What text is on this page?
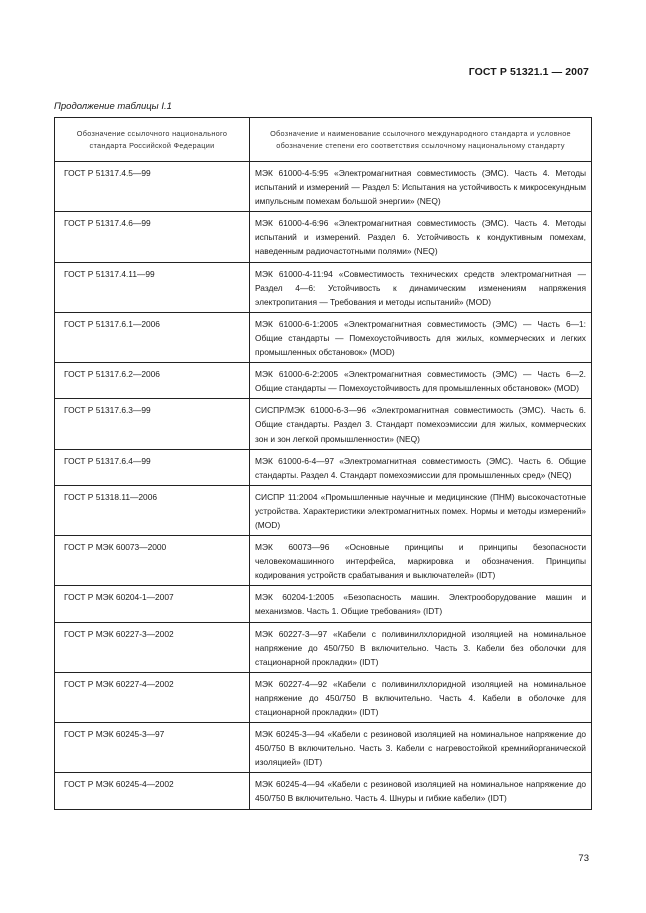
ГОСТ Р 51321.1 — 2007
Продолжение таблицы I.1
Обозначение ссылочного национального стандарта Российской Федерации	Обозначение и наименование ссылочного международного стандарта и условное обозначение степени его соответствия ссылочному национальному стандарту

ГОСТ Р 51317.4.5—99	МЭК 61000-4-5:95 «Электромагнитная совместимость (ЭМС). Часть 4. Методы испытаний и измерений — Раздел 5: Испытания на устойчивость к микросекундным импульсным помехам большой энергии» (NEQ)

ГОСТ Р 51317.4.6—99	МЭК 61000-4-6:96 «Электромагнитная совместимость (ЭМС). Часть 4. Методы испытаний и измерений. Раздел 6. Устойчивость к кондуктивным помехам, наведенным радиочастотными полями» (NEQ)

ГОСТ Р 51317.4.11—99	МЭК 61000-4-11:94 «Совместимость технических средств электромагнитная — Раздел 4—6: Устойчивость к динамическим изменениям напряжения электропитания — Требования и методы испытаний» (MOD)

ГОСТ Р 51317.6.1—2006	МЭК 61000-6-1:2005 «Электромагнитная совместимость (ЭМС) — Часть 6—1: Общие стандарты — Помехоустойчивость для жилых, коммерческих и легких промышленных обстановок» (MOD)

ГОСТ Р 51317.6.2—2006	МЭК 61000-6-2:2005 «Электромагнитная совместимость (ЭМС) — Часть 6—2. Общие стандарты — Помехоустойчивость для промышленных обстановок» (MOD)

ГОСТ Р 51317.6.3—99	СИСПР/МЭК 61000-6-3—96 «Электромагнитная совместимость (ЭМС). Часть 6. Общие стандарты. Раздел 3. Стандарт помехоэмиссии для жилых, коммерческих зон и зон легкой промышленности» (NEQ)

ГОСТ Р 51317.6.4—99	МЭК 61000-6-4—97 «Электромагнитная совместимость (ЭМС). Часть 6. Общие стандарты. Раздел 4. Стандарт помехоэмиссии для промышленных сред» (NEQ)

ГОСТ Р 51318.11—2006	СИСПР 11:2004 «Промышленные научные и медицинские (ПНМ) высокочастотные устройства. Характеристики электромагнитных помех. Нормы и методы измерений» (MOD)

ГОСТ Р МЭК 60073—2000	МЭК 60073—96 «Основные принципы и принципы безопасности человекомашинного интерфейса, маркировка и обозначения. Принципы кодирования устройств срабатывания и выключателей» (IDT)

ГОСТ Р МЭК 60204-1—2007	МЭК 60204-1:2005 «Безопасность машин. Электрооборудование машин и механизмов. Часть 1. Общие требования» (IDT)

ГОСТ Р МЭК 60227-3—2002	МЭК 60227-3—97 «Кабели с поливинилхлоридной изоляцией на номинальное напряжение до 450/750 В включительно. Часть 3. Кабели без оболочки для стационарной прокладки» (IDT)

ГОСТ Р МЭК 60227-4—2002	МЭК 60227-4—92 «Кабели с поливинилхлоридной изоляцией на номинальное напряжение до 450/750 В включительно. Часть 4. Кабели в оболочке для стационарной прокладки» (IDT)

ГОСТ Р МЭК 60245-3—97	МЭК 60245-3—94 «Кабели с резиновой изоляцией на номинальное напряжение до 450/750 В включительно. Часть 3. Кабели с нагревостойкой кремнийорганической изоляцией» (IDT)

ГОСТ Р МЭК 60245-4—2002	МЭК 60245-4—94 «Кабели с резиновой изоляцией на номинальное напряжение до 450/750 В включительно. Часть 4. Шнуры и гибкие кабели» (IDT)
73
